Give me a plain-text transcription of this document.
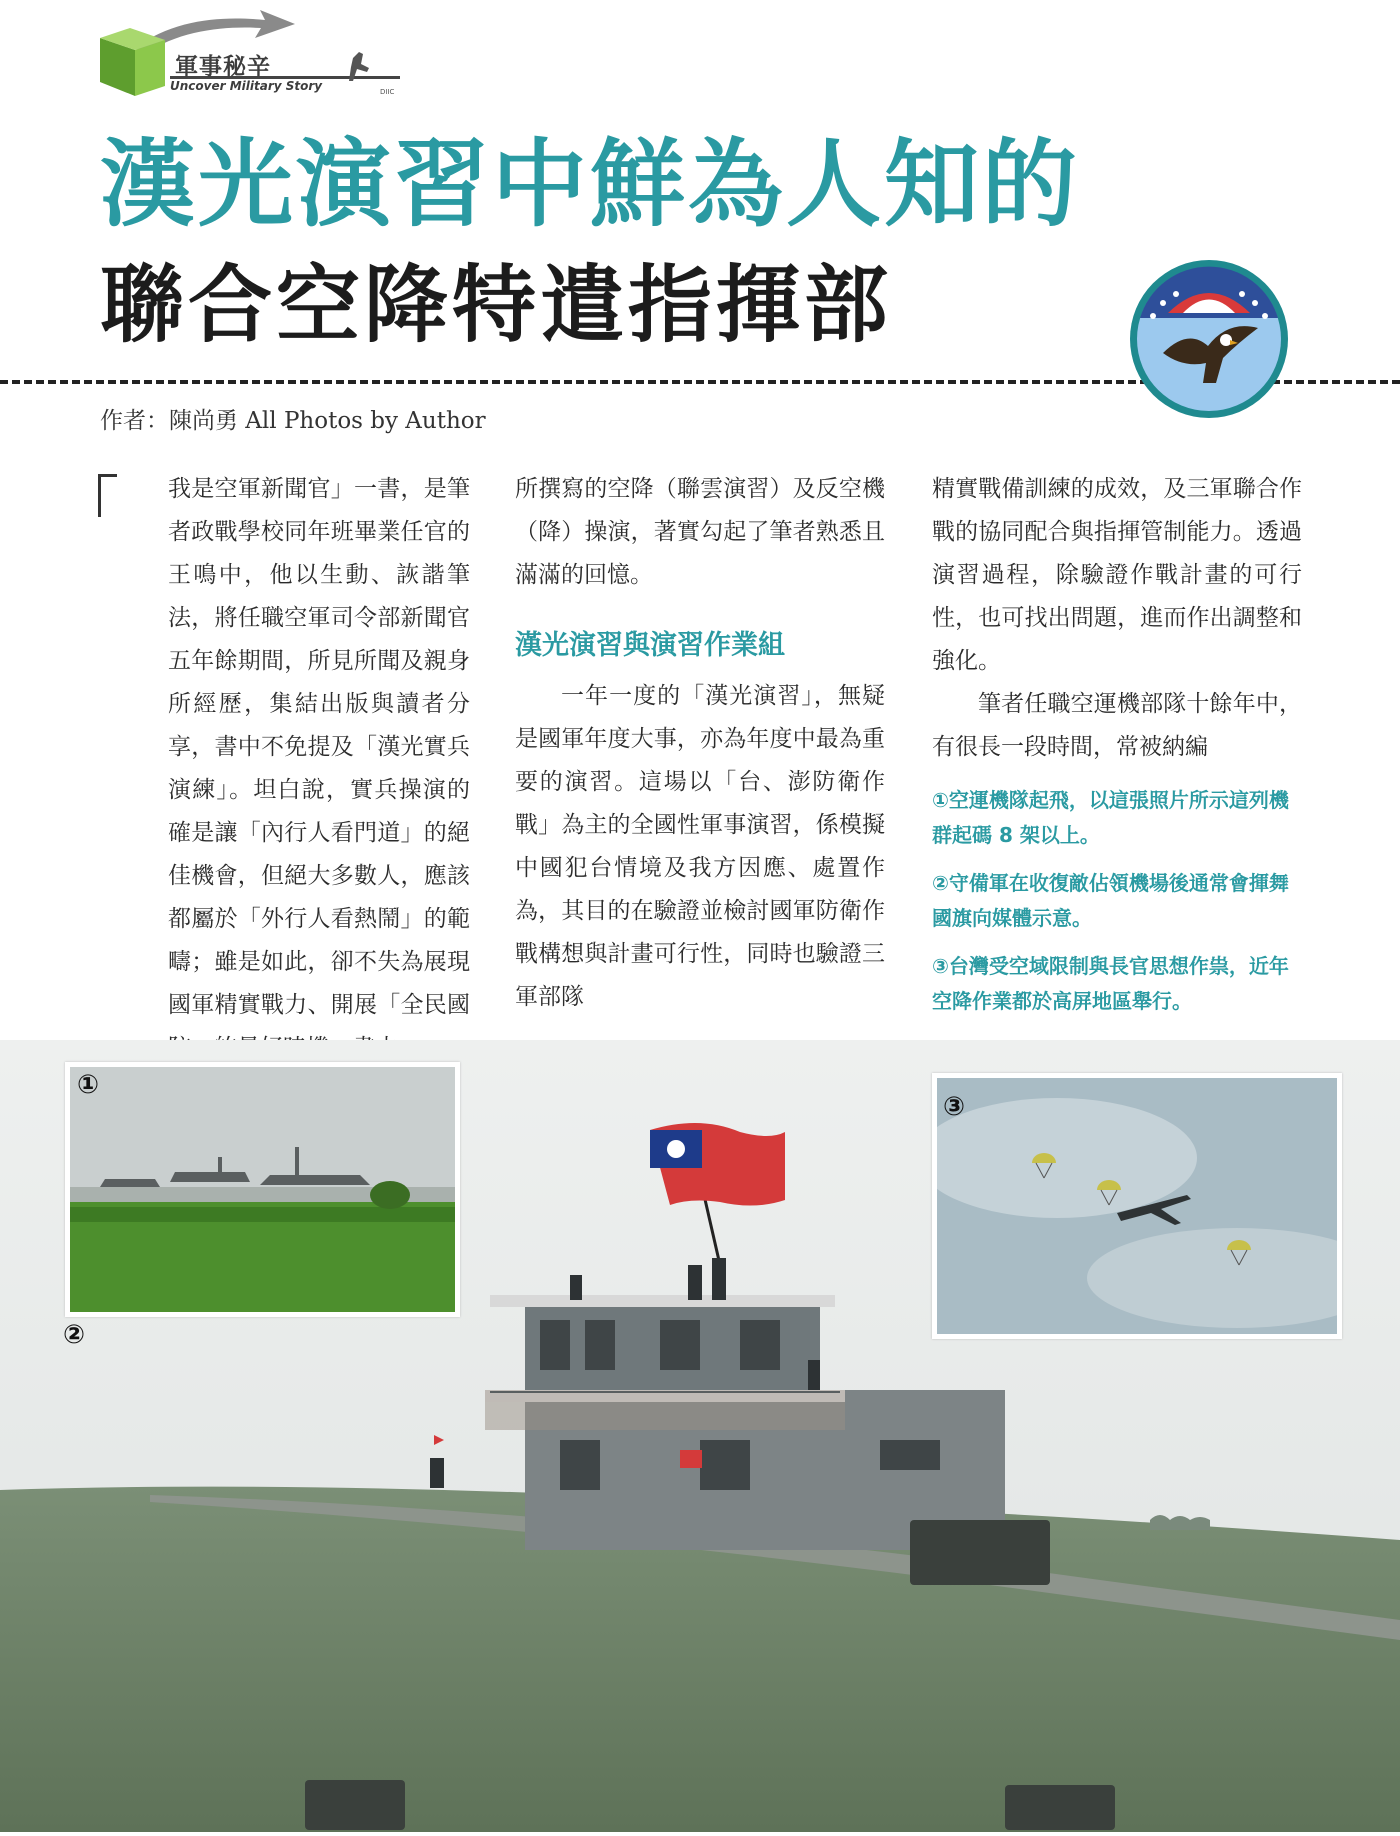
軍事秘辛
Uncover Military Story	DIIC
漢光演習中鮮為人知的
聯合空降特遣指揮部
作者：陳尚勇 All Photos by Author

我是空軍新聞官」一書，是筆者政戰學校同年班畢業任官的王鳴中，他以生動、詼諧筆法，將任職空軍司令部新聞官五年餘期間，所見所聞及親身所經歷，集結出版與讀者分享，書中不免提及「漢光實兵演練」。坦白說，實兵操演的確是讓「內行人看門道」的絕佳機會，但絕大多數人，應該都屬於「外行人看熱鬧」的範疇；雖是如此，卻不失為展現國軍精實戰力、開展「全民國

所撰寫的空降（聯雲演習）及反空機（降）操演，著實勾起了筆者熟悉且滿滿的回憶。

漢光演習與演習作業組

一年一度的「漢光演習」，無疑是國軍年度大事，亦為年度中最為重要的演習。這場以「台、澎防衛作戰」為主的全國性軍事演習，係模擬中國犯台情境及我方因應、處置作為，其目的在驗證並檢討國軍防衛作戰構想與計畫可行性，同時也驗證三軍部隊

精實戰備訓練的成效，及三軍聯合作戰的協同配合與指揮管制能力。透過演習過程，除驗證作戰計畫的可行性，也可找出問題，進而作出調整和強化。

筆者任職空運機部隊十餘年中，有很長一段時間，常被納編

①空運機隊起飛，以這張照片所示這列機群起碼 8 架以上。
②守備軍在收復敵佔領機場後通常會揮舞國旗向媒體示意。
③台灣受空域限制與長官思想作祟，近年空降作業都於高屏地區舉行。
①
②
③
